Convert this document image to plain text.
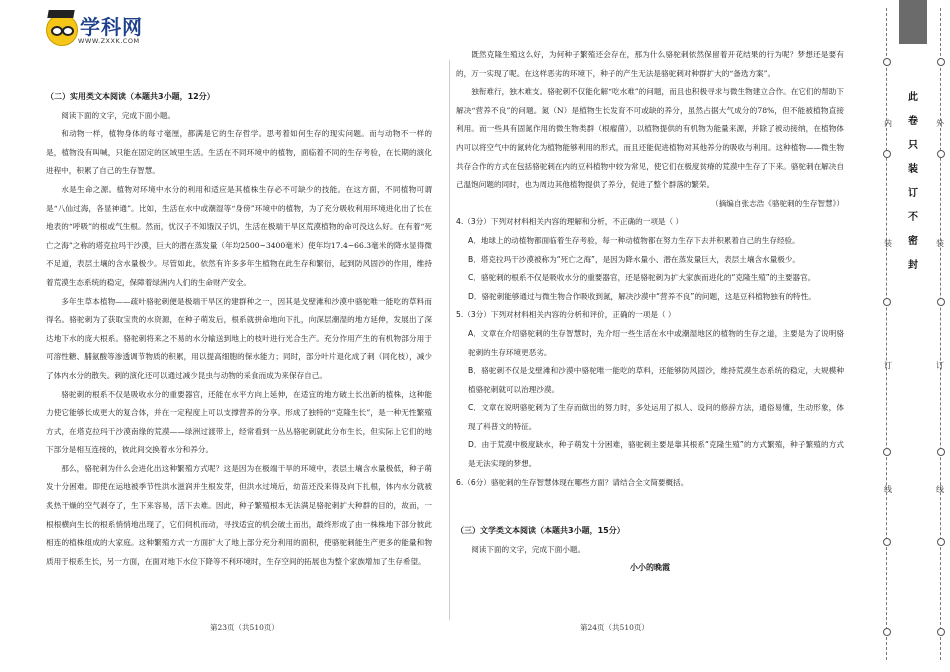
学科网
WWW.ZXXK.COM
（二）实用类文本阅读（本题共3小题，12分）

阅读下面的文字，完成下面小题。

和动物一样，植物身体的每寸毫厘，都满是它的生存哲学。思考着如何生存的现实问题。而与动物不一样的是，植物没有叫喊，只能在固定的区域里生活。生活在不同环境中的植物，面临着不同的生存考验，在长期的演化进程中，积累了自己的生存智慧。

水是生命之源。植物对环境中水分的利用和适应是其植株生存必不可缺少的技能。在这方面，不同植物可谓是“八仙过海，各显神通”。比如，生活在水中或潮湿等“身傍”环境中的植物，为了充分吸收利用环境进化出了长在地表的“呼吸”的根或气生根。然而，忧汉子不知饿汉子饥，生活在极端干旱区荒漠植物的命可没这么好。在有着“死亡之海”之称的塔克拉玛干沙漠，巨大的潜在蒸发量（年均2500~3400毫米）使年均17.4~66.3毫米的降水显得微不足道，表层土壤的含水量极少。尽管如此，依然有许多多年生植物在此生存和繁衍，起到防风固沙的作用，维持着荒漠生态系统的稳定，保障着绿洲内人们的生命财产安全。

多年生草本植物——疏叶骆驼刺便是极端干旱区的建群种之一，因其是戈壁滩和沙漠中骆驼唯一能吃的草料而得名。骆驼刺为了获取宝贵的水资源，在种子萌发后，根系就拼命地向下扎，向深层潮湿的地方延伸，发展出了深达地下水的庞大根系。骆驼刺将来之不易的水分输送到地上的枝叶进行光合生产。充分作用产生的有机物部分用于可溶性糖、脯氨酸等渗透调节物质的积累，用以提高细胞的保水能力；同时，部分叶片退化成了刺（同化枝），减少了体内水分的散失。刺的演化还可以通过减少昆虫与动物的采食而成为来保存自己。

骆驼刺的根系不仅是吸收水分的重要器官，还能在水平方向上延伸，在适宜的地方破土长出新的植株，这种能力使它能够长成更大的复合体，并在一定程度上可以支撑营养的分享。形成了独特的“克隆生长”，是一种无性繁殖方式，在塔克拉玛干沙漠南缘的荒漠——绿洲过渡带上，经常看到一丛丛骆驼刺就此分布生长，但实际上它们的地下部分是相互连接的，彼此间交换着水分和养分。

那么，骆驼刺为什么会进化出这种繁殖方式呢？这是因为在极端干旱的环境中，表层土壤含水量极低，种子萌发十分困难。即使在运地被季节性洪水滋润并生根发芽，但洪水过境后，幼苗还没来得及向下扎根，体内水分就被炙热干燥的空气剥夺了，生下来容易，活下去难。因此，种子繁殖根本无法满足骆驼刺扩大种群的目的，故而，一根根横向生长的根系悄悄地出现了，它们伺机而动，寻找适宜的机会破土而出，最终形成了由一株株地下部分彼此相连的植株组成的大家庭。这种繁殖方式一方面扩大了地上部分充分利用的面积，使骆驼刺能生产更多的能量和物质用于根系生长，另一方面，在面对地下水位下降等不利环境时，生存空间的拓展也为整个家族增加了生存希望。

第23页（共510页）

既然克隆生殖这么好，为何种子繁殖还会存在，那为什么骆驼刺依然保留着开花结果的行为呢？梦想还是要有的，万一实现了呢。在这样恶劣的环境下，种子的产生无法是骆驼刺对种群扩大的“备选方案”。

独衔难行，独木难支。骆驼刺不仅能化解“吃水难”的问题，而且也积极寻求与微生物建立合作。在它们的帮助下解决“营养不良”的问题。氮（N）是植物生长发育不可或缺的养分，虽然占据大气成分的78%，但不能被植物直接利用。而一些具有固氮作用的微生物类群（根瘤菌），以植物提供的有机物为能量来源，并除了被动接纳，在植物体内可以将空气中的氮转化为植物能够利用的形式，而且还能促进植物对其他养分的吸收与利用。这种植物——微生物共存合作的方式在包括骆驼刺在内的豆科植物中较为常见，使它们在极度贫瘠的荒漠中生存了下来。骆驼刺在解决自己温饱问题的同时，也为周边其他植物提供了养分，促进了整个群落的繁荣。

（摘编自张志浩《骆驼刺的生存智慧》）
4.（3分）下列对材料相关内容的理解和分析，不正确的一项是（ ）
A．地球上的动植物都面临着生存考验，每一种动植物都在努力生存下去并积累着自己的生存经验。
B．塔克拉玛干沙漠被称为“死亡之海”，是因为降水量小、潜在蒸发量巨大，表层土壤含水量极少。
C．骆驼刺的根系不仅是吸收水分的重要器官，还是骆驼刺为扩大家族而进化的“克隆生殖”的主要器官。
D．骆驼刺能够通过与微生物合作吸收到氮，解决沙漠中“营养不良”的问题，这是豆科植物独有的特性。
5.（3分）下列对材料相关内容的分析和评价，正确的一项是（ ）
A．文章在介绍骆驼刺的生存智慧时，先介绍一些生活在水中或潮湿地区的植物的生存之道，主要是为了说明骆驼刺的生存环境更恶劣。
B．骆驼刺不仅是戈壁滩和沙漠中骆驼唯一能吃的草料，还能够防风固沙，维持荒漠生态系统的稳定，大规模种植骆驼刺就可以治理沙漠。
C．文章在说明骆驼刺为了生存而做出的努力时，多处运用了拟人、设问的修辞方法，通俗易懂，生动形象，体现了科普文的特征。
D．由于荒漠中极度缺水，种子萌发十分困难，骆驼刺主要是靠其根系“克隆生殖”的方式繁殖，种子繁殖的方式是无法实现的梦想。
6.（6分）骆驼刺的生存智慧体现在哪些方面？请结合全文简要概括。
（三）文学类文本阅读（本题共3小题，15分）

阅读下面的文字，完成下面小题。

小小的晚霞
第24页（共510页）
内
装
订
线
外
装
订
线
此
卷
只
装
订
不
密
封
